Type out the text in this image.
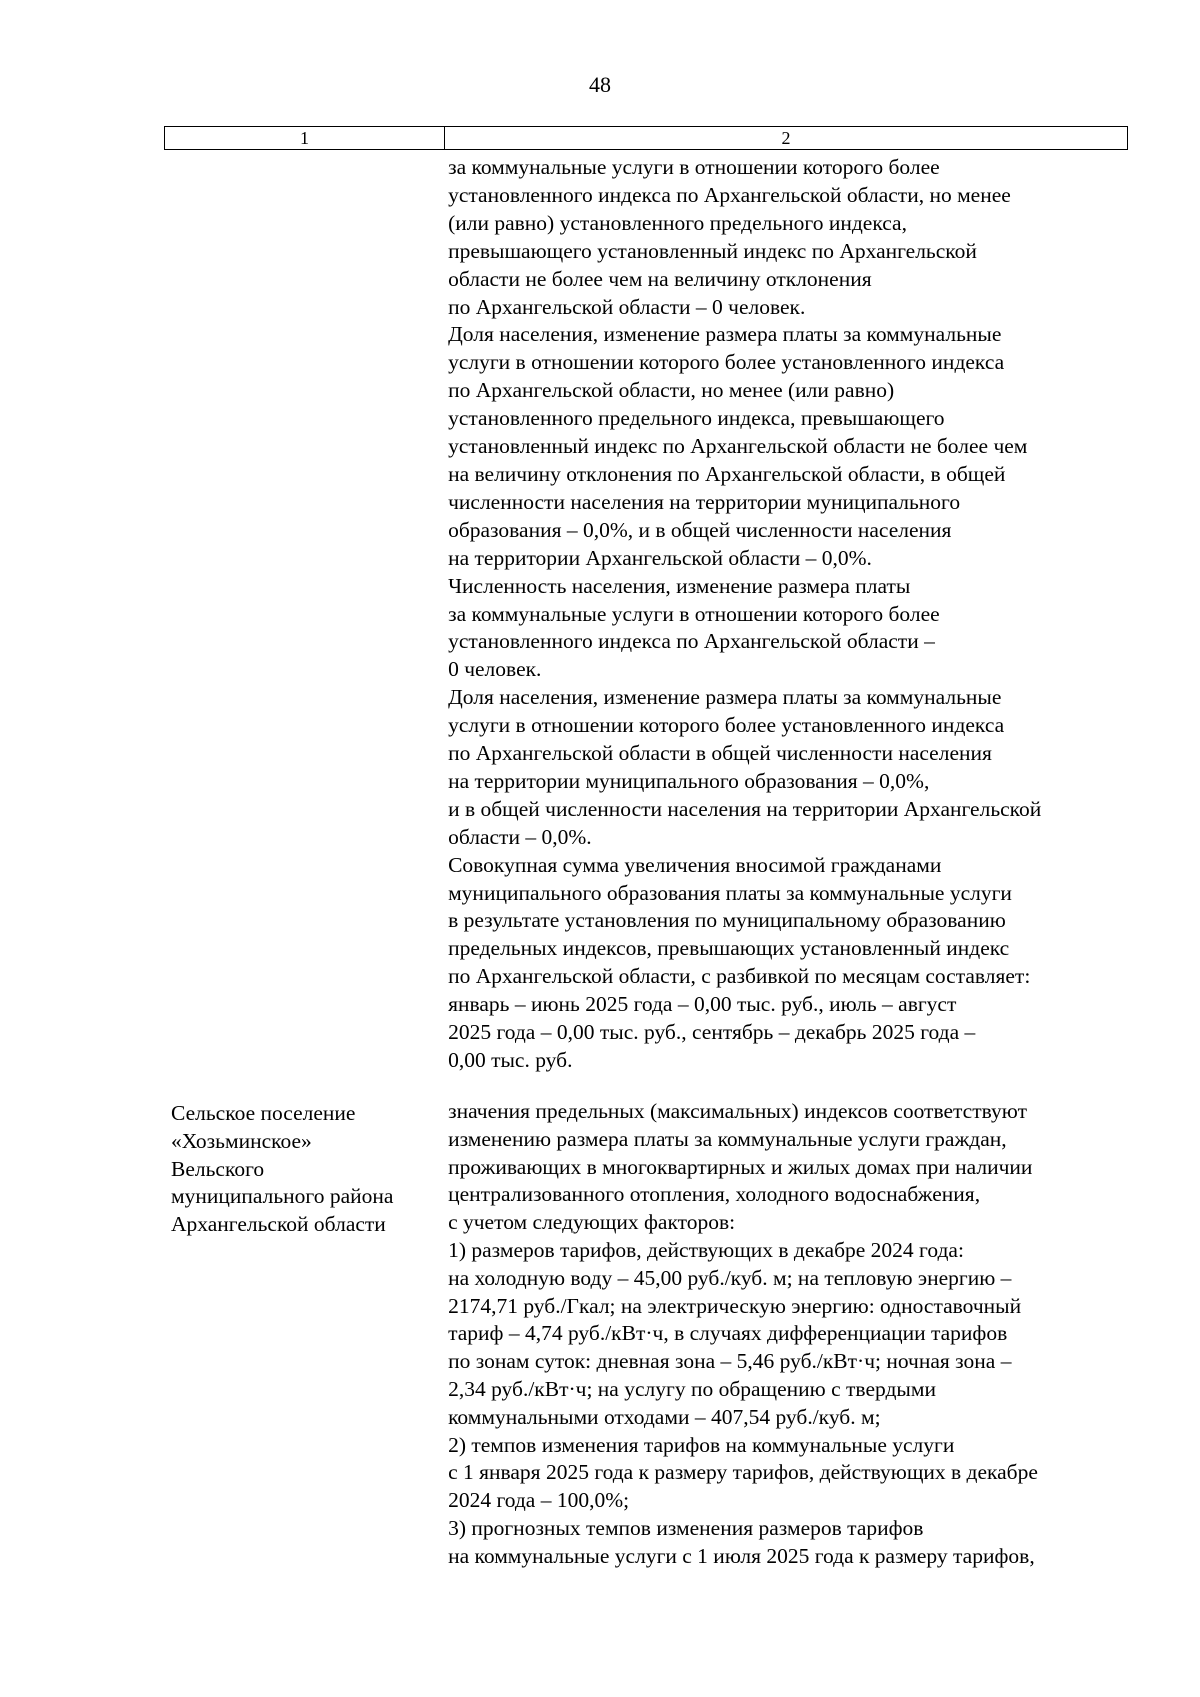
48
1	2
за коммунальные услуги в отношении которого более
установленного индекса по Архангельской области, но менее
(или равно) установленного предельного индекса,
превышающего установленный индекс по Архангельской
области не более чем на величину отклонения
по Архангельской области – 0 человек.
Доля населения, изменение размера платы за коммунальные
услуги в отношении которого более установленного индекса
по Архангельской области, но менее (или равно)
установленного предельного индекса, превышающего
установленный индекс по Архангельской области не более чем
на величину отклонения по Архангельской области, в общей
численности населения на территории муниципального
образования – 0,0%, и в общей численности населения
на территории Архангельской области – 0,0%.
Численность населения, изменение размера платы
за коммунальные услуги в отношении которого более
установленного индекса по Архангельской области –
0 человек.
Доля населения, изменение размера платы за коммунальные
услуги в отношении которого более установленного индекса
по Архангельской области в общей численности населения
на территории муниципального образования – 0,0%,
и в общей численности населения на территории Архангельской
области – 0,0%.
Совокупная сумма увеличения вносимой гражданами
муниципального образования платы за коммунальные услуги
в результате установления по муниципальному образованию
предельных индексов, превышающих установленный индекс
по Архангельской области, с разбивкой по месяцам составляет:
январь – июнь 2025 года – 0,00 тыс. руб., июль – август
2025 года – 0,00 тыс. руб., сентябрь – декабрь 2025 года –
0,00 тыс. руб.
Сельское поселение
«Хозьминское»
Вельского
муниципального района
Архангельской области
значения предельных (максимальных) индексов соответствуют
изменению размера платы за коммунальные услуги граждан,
проживающих в многоквартирных и жилых домах при наличии
централизованного отопления, холодного водоснабжения,
с учетом следующих факторов:
1) размеров тарифов, действующих в декабре 2024 года:
на холодную воду – 45,00 руб./куб. м; на тепловую энергию –
2174,71 руб./Гкал; на электрическую энергию: одноставочный
тариф – 4,74 руб./кВт·ч, в случаях дифференциации тарифов
по зонам суток: дневная зона – 5,46 руб./кВт·ч; ночная зона –
2,34 руб./кВт·ч; на услугу по обращению с твердыми
коммунальными отходами – 407,54 руб./куб. м;
2) темпов изменения тарифов на коммунальные услуги
с 1 января 2025 года к размеру тарифов, действующих в декабре
2024 года – 100,0%;
3) прогнозных темпов изменения размеров тарифов
на коммунальные услуги с 1 июля 2025 года к размеру тарифов,
